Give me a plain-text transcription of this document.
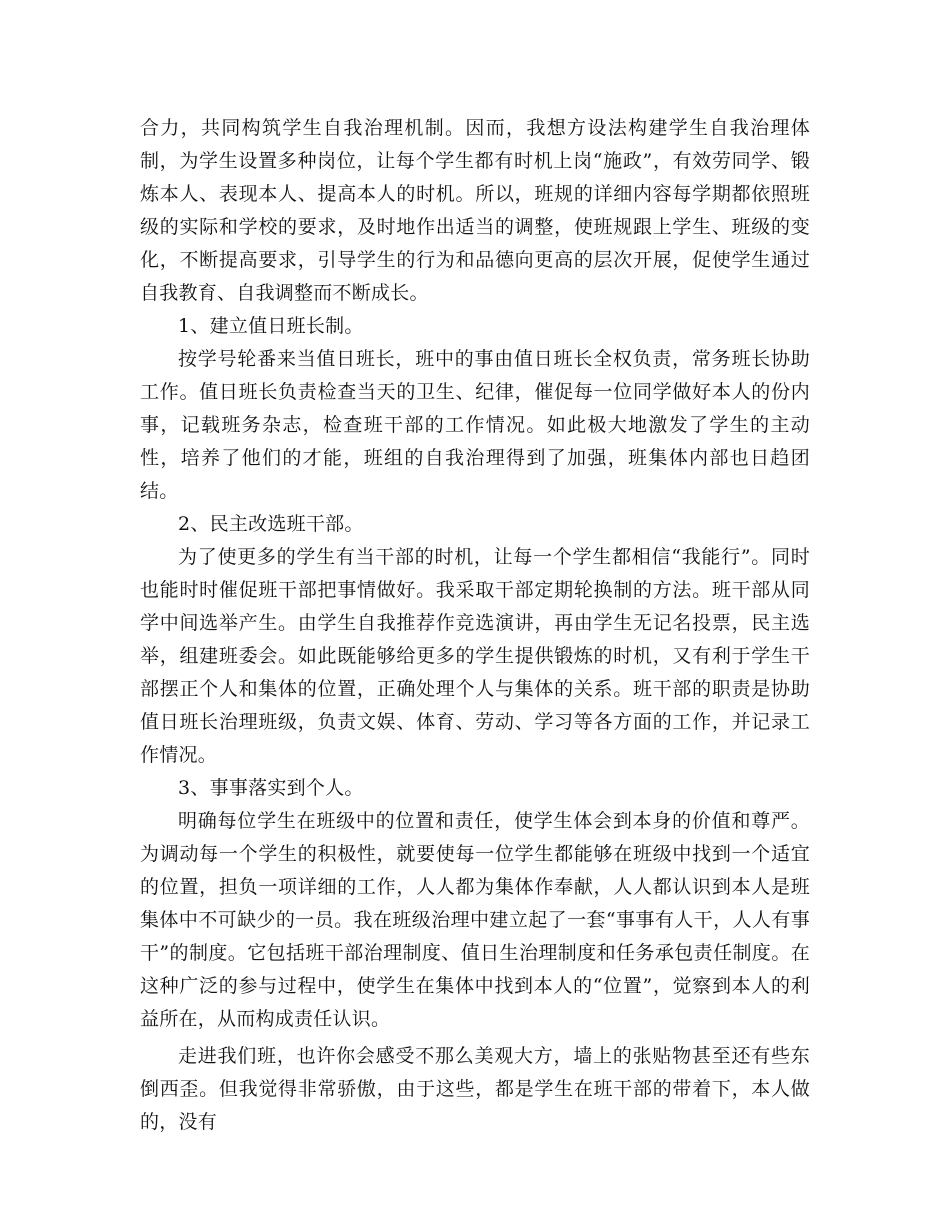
合力，共同构筑学生自我治理机制。因而，我想方设法构建学生自我治理体制，为学生设置多种岗位，让每个学生都有时机上岗“施政”，有效劳同学、锻炼本人、表现本人、提高本人的时机。所以，班规的详细内容每学期都依照班级的实际和学校的要求，及时地作出适当的调整，使班规跟上学生、班级的变化，不断提高要求，引导学生的行为和品德向更高的层次开展，促使学生通过自我教育、自我调整而不断成长。

1、建立值日班长制。

按学号轮番来当值日班长，班中的事由值日班长全权负责，常务班长协助工作。值日班长负责检查当天的卫生、纪律，催促每一位同学做好本人的份内事，记载班务杂志，检查班干部的工作情况。如此极大地激发了学生的主动性，培养了他们的才能，班组的自我治理得到了加强，班集体内部也日趋团结。

2、民主改选班干部。

为了使更多的学生有当干部的时机，让每一个学生都相信“我能行”。同时也能时时催促班干部把事情做好。我采取干部定期轮换制的方法。班干部从同学中间选举产生。由学生自我推荐作竞选演讲，再由学生无记名投票，民主选举，组建班委会。如此既能够给更多的学生提供锻炼的时机，又有利于学生干部摆正个人和集体的位置，正确处理个人与集体的关系。班干部的职责是协助值日班长治理班级，负责文娱、体育、劳动、学习等各方面的工作，并记录工作情况。

3、事事落实到个人。

明确每位学生在班级中的位置和责任，使学生体会到本身的价值和尊严。为调动每一个学生的积极性，就要使每一位学生都能够在班级中找到一个适宜的位置，担负一项详细的工作，人人都为集体作奉献，人人都认识到本人是班集体中不可缺少的一员。我在班级治理中建立起了一套“事事有人干，人人有事干”的制度。它包括班干部治理制度、值日生治理制度和任务承包责任制度。在这种广泛的参与过程中，使学生在集体中找到本人的“位置”，觉察到本人的利益所在，从而构成责任认识。

走进我们班，也许你会感受不那么美观大方，墙上的张贴物甚至还有些东倒西歪。但我觉得非常骄傲，由于这些，都是学生在班干部的带着下，本人做的，没有
